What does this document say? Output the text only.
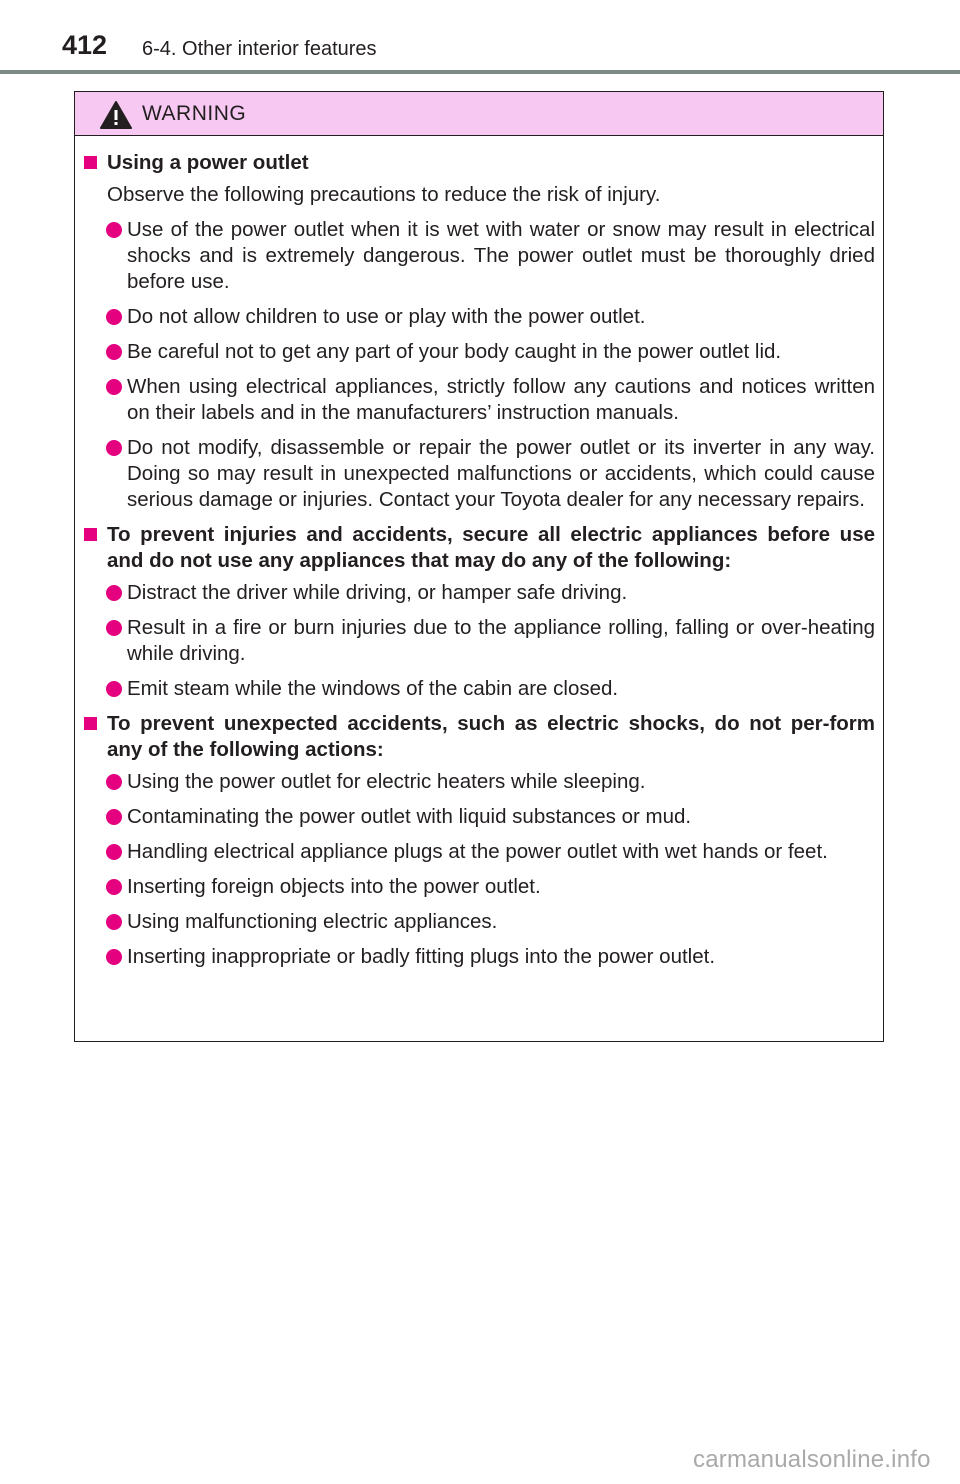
412 6-4. Other interior features
WARNING
Using a power outlet
Observe the following precautions to reduce the risk of injury.
Use of the power outlet when it is wet with water or snow may result in electrical shocks and is extremely dangerous. The power outlet must be thoroughly dried before use.
Do not allow children to use or play with the power outlet.
Be careful not to get any part of your body caught in the power outlet lid.
When using electrical appliances, strictly follow any cautions and notices written on their labels and in the manufacturers’ instruction manuals.
Do not modify, disassemble or repair the power outlet or its inverter in any way. Doing so may result in unexpected malfunctions or accidents, which could cause serious damage or injuries. Contact your Toyota dealer for any necessary repairs.
To prevent injuries and accidents, secure all electric appliances before use and do not use any appliances that may do any of the following:
Distract the driver while driving, or hamper safe driving.
Result in a fire or burn injuries due to the appliance rolling, falling or over-heating while driving.
Emit steam while the windows of the cabin are closed.
To prevent unexpected accidents, such as electric shocks, do not per-form any of the following actions:
Using the power outlet for electric heaters while sleeping.
Contaminating the power outlet with liquid substances or mud.
Handling electrical appliance plugs at the power outlet with wet hands or feet.
Inserting foreign objects into the power outlet.
Using malfunctioning electric appliances.
Inserting inappropriate or badly fitting plugs into the power outlet.
carmanualsonline.info
